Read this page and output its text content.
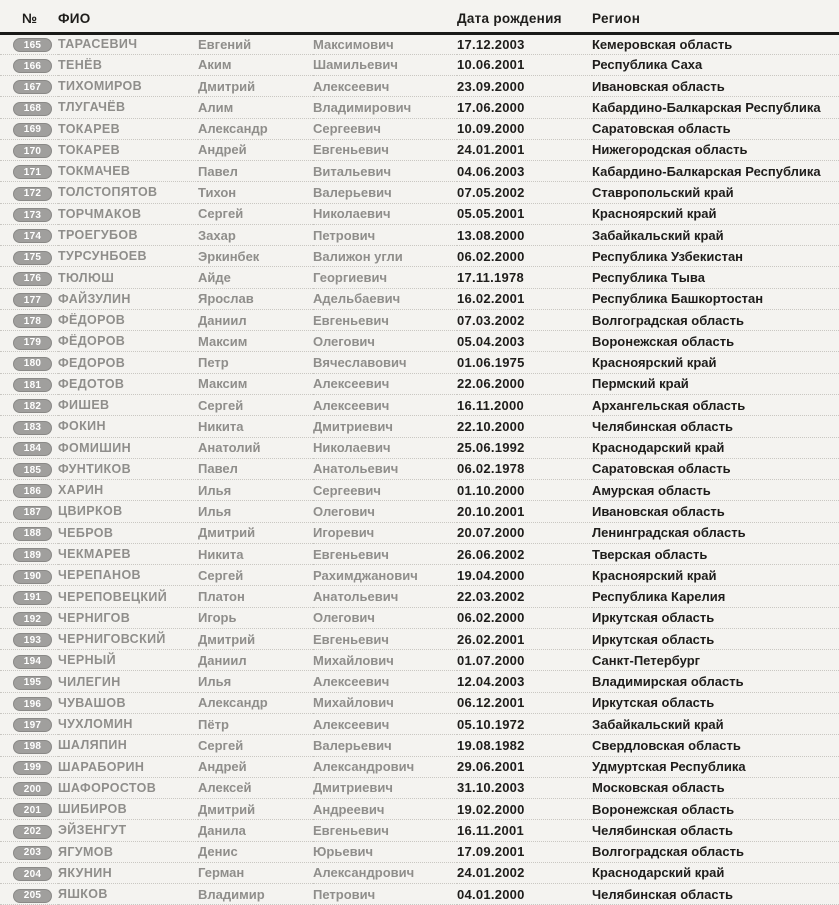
№	ФИО			Дата рождения	Регион
165	ТАРАСЕВИЧ	Евгений	Максимович	17.12.2003	Кемеровская область
166	ТЕНЁВ	Аким	Шамильевич	10.06.2001	Республика Саха
167	ТИХОМИРОВ	Дмитрий	Алексеевич	23.09.2000	Ивановская область
168	ТЛУГАЧЁВ	Алим	Владимирович	17.06.2000	Кабардино-Балкарская Республика
169	ТОКАРЕВ	Александр	Сергеевич	10.09.2000	Саратовская область
170	ТОКАРЕВ	Андрей	Евгеньевич	24.01.2001	Нижегородская область
171	ТОКМАЧЕВ	Павел	Витальевич	04.06.2003	Кабардино-Балкарская Республика
172	ТОЛСТОПЯТОВ	Тихон	Валерьевич	07.05.2002	Ставропольский край
173	ТОРЧМАКОВ	Сергей	Николаевич	05.05.2001	Красноярский край
174	ТРОЕГУБОВ	Захар	Петрович	13.08.2000	Забайкальский край
175	ТУРСУНБОЕВ	Эркинбек	Валижон угли	06.02.2000	Республика Узбекистан
176	ТЮЛЮШ	Айде	Георгиевич	17.11.1978	Республика Тыва
177	ФАЙЗУЛИН	Ярослав	Адельбаевич	16.02.2001	Республика Башкортостан
178	ФЁДОРОВ	Даниил	Евгеньевич	07.03.2002	Волгоградская область
179	ФЁДОРОВ	Максим	Олегович	05.04.2003	Воронежская область
180	ФЕДОРОВ	Петр	Вячеславович	01.06.1975	Красноярский край
181	ФЕДОТОВ	Максим	Алексеевич	22.06.2000	Пермский край
182	ФИШЕВ	Сергей	Алексеевич	16.11.2000	Архангельская область
183	ФОКИН	Никита	Дмитриевич	22.10.2000	Челябинская область
184	ФОМИШИН	Анатолий	Николаевич	25.06.1992	Краснодарский край
185	ФУНТИКОВ	Павел	Анатольевич	06.02.1978	Саратовская область
186	ХАРИН	Илья	Сергеевич	01.10.2000	Амурская область
187	ЦВИРКОВ	Илья	Олегович	20.10.2001	Ивановская область
188	ЧЕБРОВ	Дмитрий	Игоревич	20.07.2000	Ленинградская область
189	ЧЕКМАРЕВ	Никита	Евгеньевич	26.06.2002	Тверская область
190	ЧЕРЕПАНОВ	Сергей	Рахимджанович	19.04.2000	Красноярский край
191	ЧЕРЕПОВЕЦКИЙ	Платон	Анатольевич	22.03.2002	Республика Карелия
192	ЧЕРНИГОВ	Игорь	Олегович	06.02.2000	Иркутская область
193	ЧЕРНИГОВСКИЙ	Дмитрий	Евгеньевич	26.02.2001	Иркутская область
194	ЧЕРНЫЙ	Даниил	Михайлович	01.07.2000	Санкт-Петербург
195	ЧИЛЕГИН	Илья	Алексеевич	12.04.2003	Владимирская область
196	ЧУВАШОВ	Александр	Михайлович	06.12.2001	Иркутская область
197	ЧУХЛОМИН	Пётр	Алексеевич	05.10.1972	Забайкальский край
198	ШАЛЯПИН	Сергей	Валерьевич	19.08.1982	Свердловская область
199	ШАРАБОРИН	Андрей	Александрович	29.06.2001	Удмуртская Республика
200	ШАФОРОСТОВ	Алексей	Дмитриевич	31.10.2003	Московская область
201	ШИБИРОВ	Дмитрий	Андреевич	19.02.2000	Воронежская область
202	ЭЙЗЕНГУТ	Данила	Евгеньевич	16.11.2001	Челябинская область
203	ЯГУМОВ	Денис	Юрьевич	17.09.2001	Волгоградская область
204	ЯКУНИН	Герман	Александрович	24.01.2002	Краснодарский край
205	ЯШКОВ	Владимир	Петрович	04.01.2000	Челябинская область
